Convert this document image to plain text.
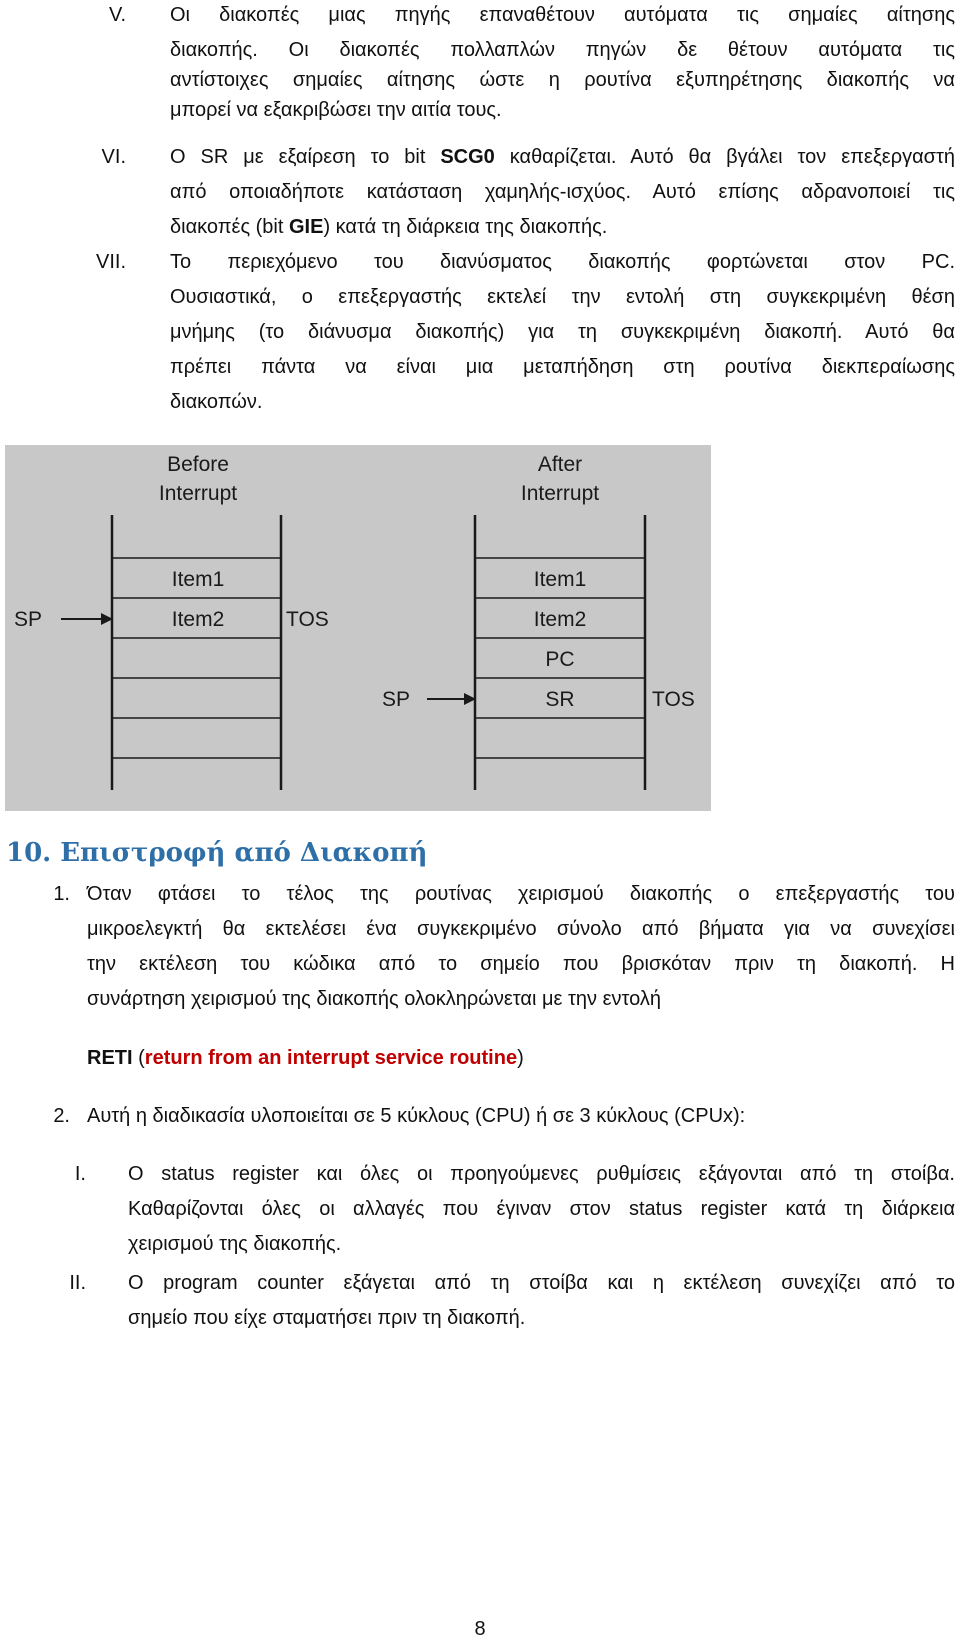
V. Οι διακοπές μιας πηγής επαναθέτουν αυτόματα τις σημαίες αίτησης
διακοπής. Οι διακοπές πολλαπλών πηγών δε θέτουν αυτόματα τις
αντίστοιχες σημαίες αίτησης ώστε η ρουτίνα εξυπηρέτησης διακοπής να
μπορεί να εξακριβώσει την αιτία τους.
VI. Ο SR με εξαίρεση το bit SCG0 καθαρίζεται. Αυτό θα βγάλει τον επεξεργαστή
από οποιαδήποτε κατάσταση χαμηλής-ισχύος. Αυτό επίσης αδρανοποιεί τις
διακοπές (bit GIE) κατά τη διάρκεια της διακοπής.
VII. Το περιεχόμενο του διανύσματος διακοπής φορτώνεται στον PC.
Ουσιαστικά, ο επεξεργαστής εκτελεί την εντολή στη συγκεκριμένη θέση
μνήμης (το διάνυσμα διακοπής) για τη συγκεκριμένη διακοπή. Αυτό θα
πρέπει πάντα να είναι μια μεταπήδηση στη ρουτίνα διεκπεραίωσης
διακοπών.
Before
Interrupt
After
Interrupt
Item1
Item2
SP	TOS
Item1
Item2
PC
SR
SP	TOS
10. Επιστροφή από Διακοπή
1. Όταν φτάσει το τέλος της ρουτίνας χειρισμού διακοπής ο επεξεργαστής του
μικροελεγκτή θα εκτελέσει ένα συγκεκριμένο σύνολο από βήματα για να συνεχίσει
την εκτέλεση του κώδικα από το σημείο που βρισκόταν πριν τη διακοπή. Η
συνάρτηση χειρισμού της διακοπής ολοκληρώνεται με την εντολή
RETI (return from an interrupt service routine)
2. Αυτή η διαδικασία υλοποιείται σε 5 κύκλους (CPU) ή σε 3 κύκλους (CPUx):
I. Ο status register και όλες οι προηγούμενες ρυθμίσεις εξάγονται από τη στοίβα.
Καθαρίζονται όλες οι αλλαγές που έγιναν στον status register κατά τη διάρκεια
χειρισμού της διακοπής.
II. Ο program counter εξάγεται από τη στοίβα και η εκτέλεση συνεχίζει από το
σημείο που είχε σταματήσει πριν τη διακοπή.
8
